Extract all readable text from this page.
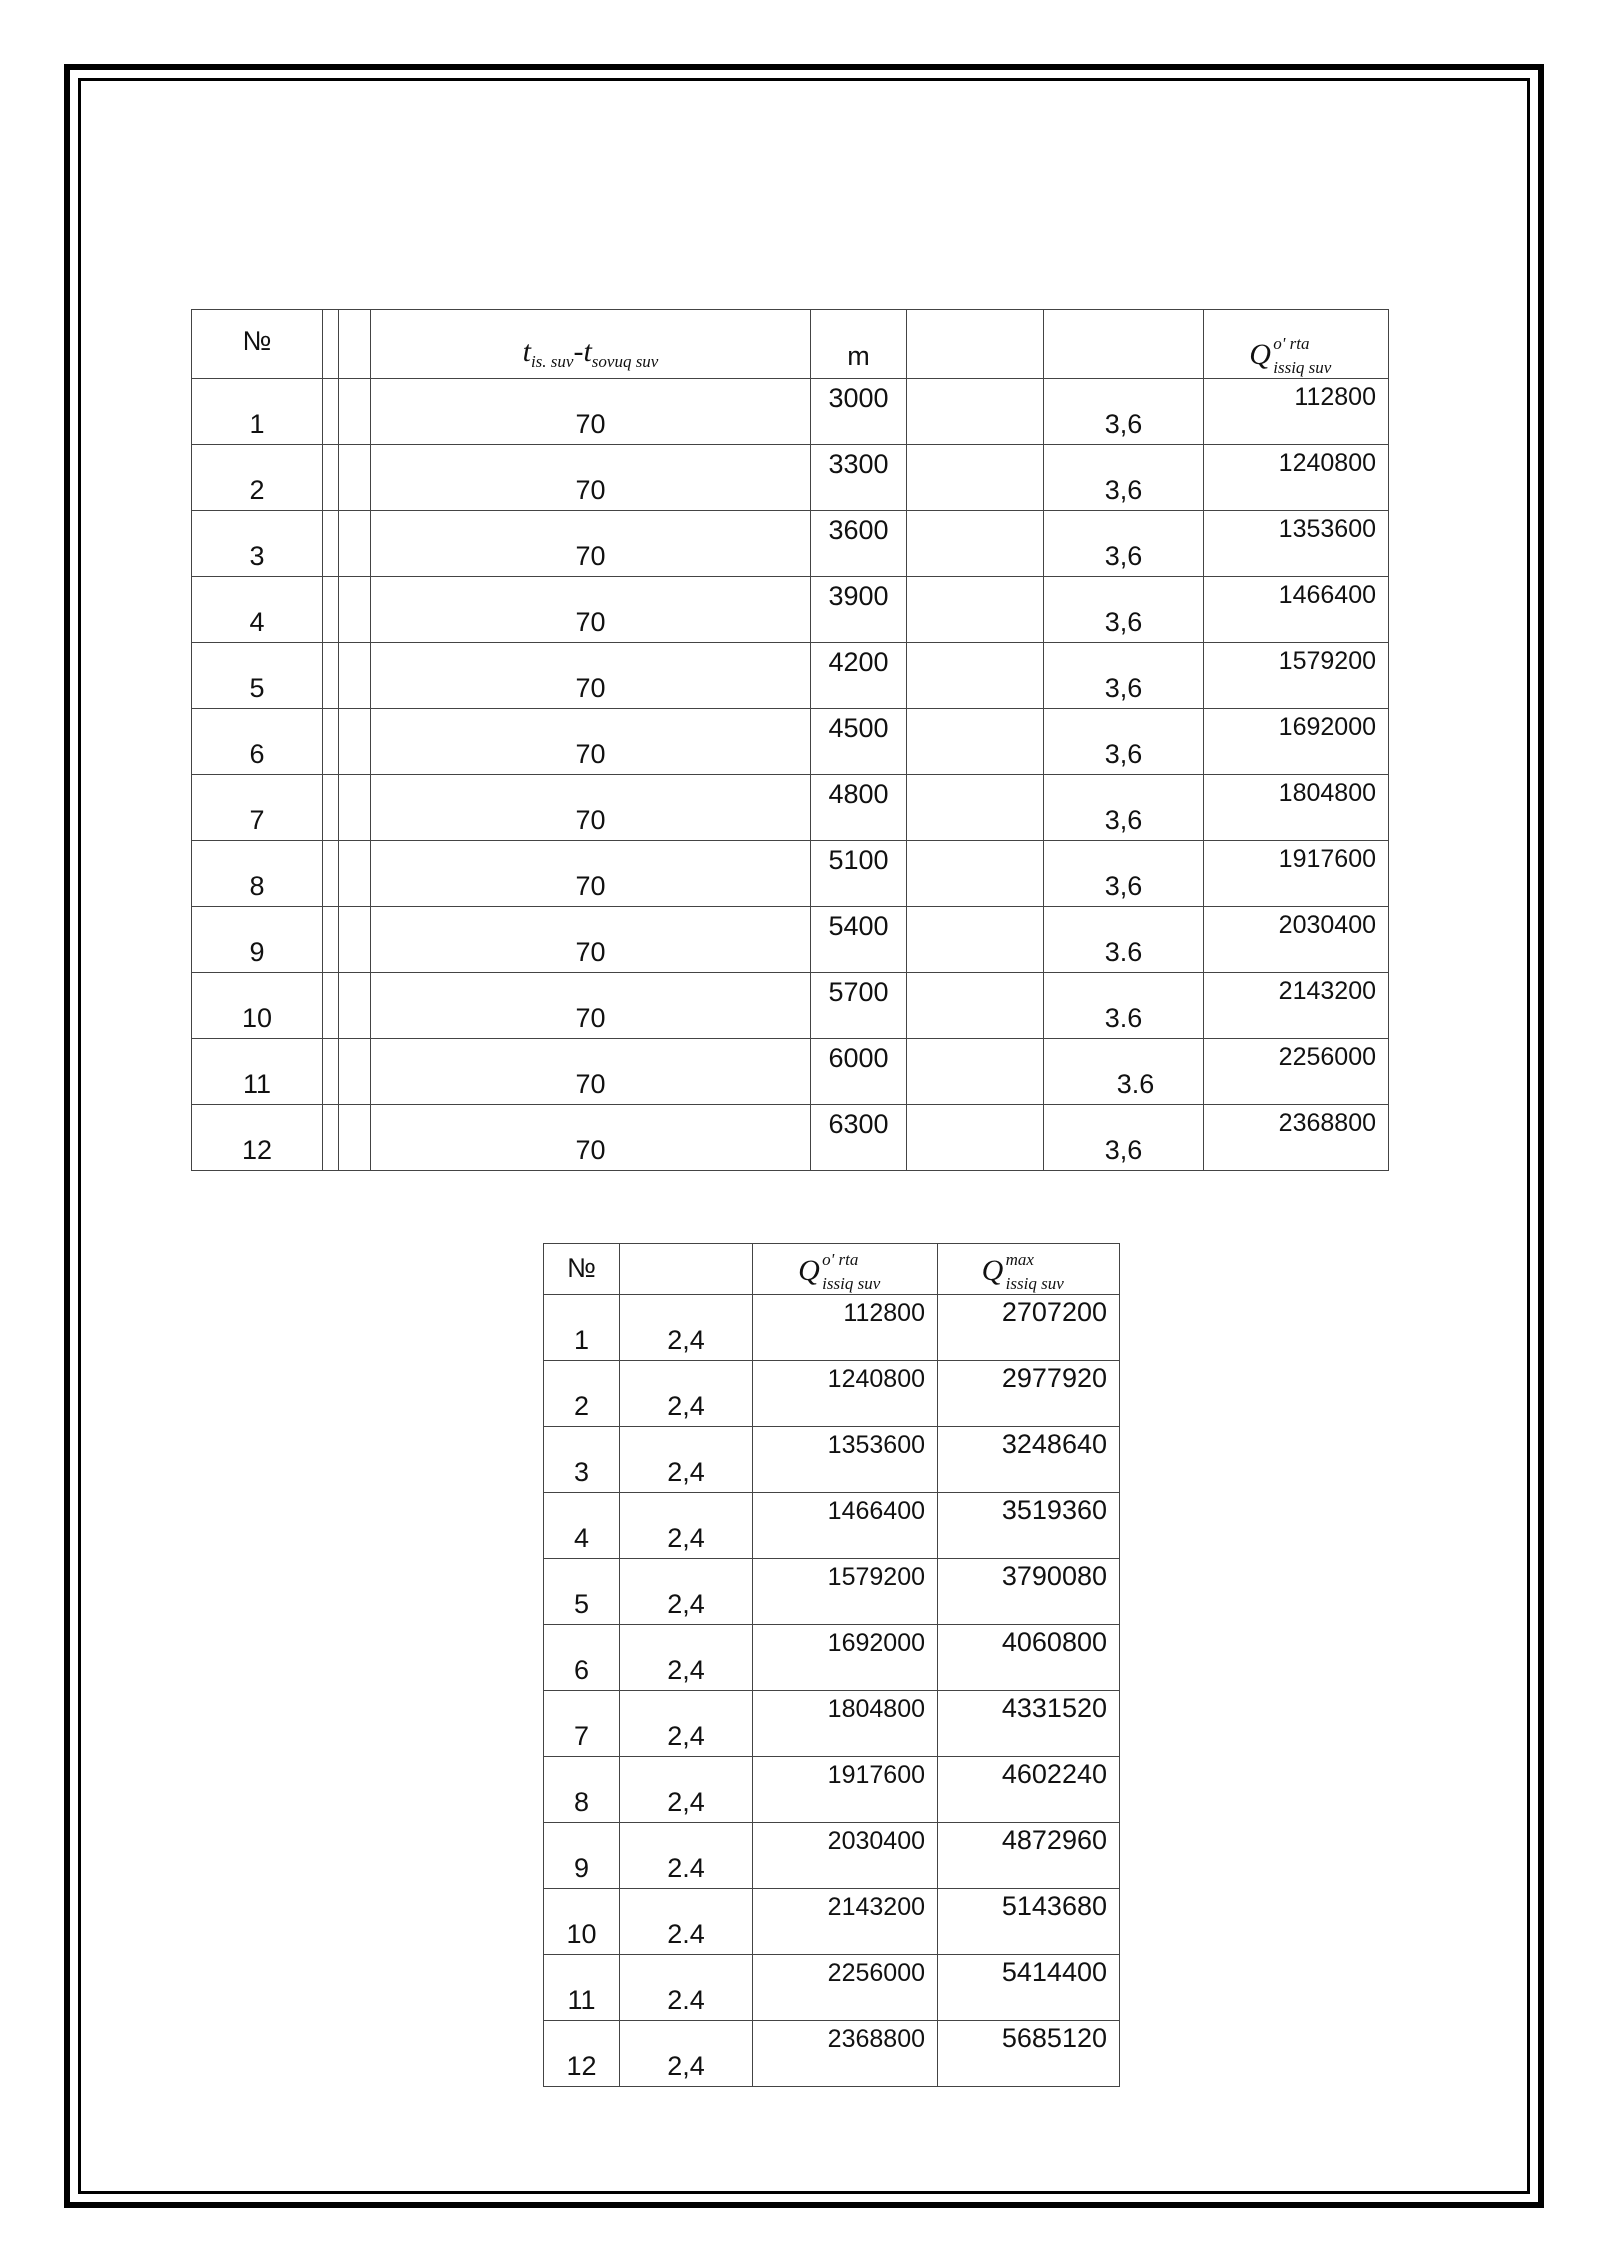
№			$t_{is. suv}-t_{sovuq suv}$	m			Q o' rta
issiq suv

1			70	3000		3,6	112800

2			70	3300		3,6	1240800

3			70	3600		3,6	1353600

4			70	3900		3,6	1466400

5			70	4200		3,6	1579200

6			70	4500		3,6	1692000

7			70	4800		3,6	1804800

8			70	5100		3,6	1917600

9			70	5400		3.6	2030400

10			70	5700		3.6	2143200

11			70	6000		3.6	2256000

12			70	6300		3,6	2368800
№		Q o' rta
issiq suv	Q max
issiq suv

1	2,4	112800	2707200

2	2,4	1240800	2977920

3	2,4	1353600	3248640

4	2,4	1466400	3519360

5	2,4	1579200	3790080

6	2,4	1692000	4060800

7	2,4	1804800	4331520

8	2,4	1917600	4602240

9	2.4	2030400	4872960

10	2.4	2143200	5143680

11	2.4	2256000	5414400

12	2,4	2368800	5685120
